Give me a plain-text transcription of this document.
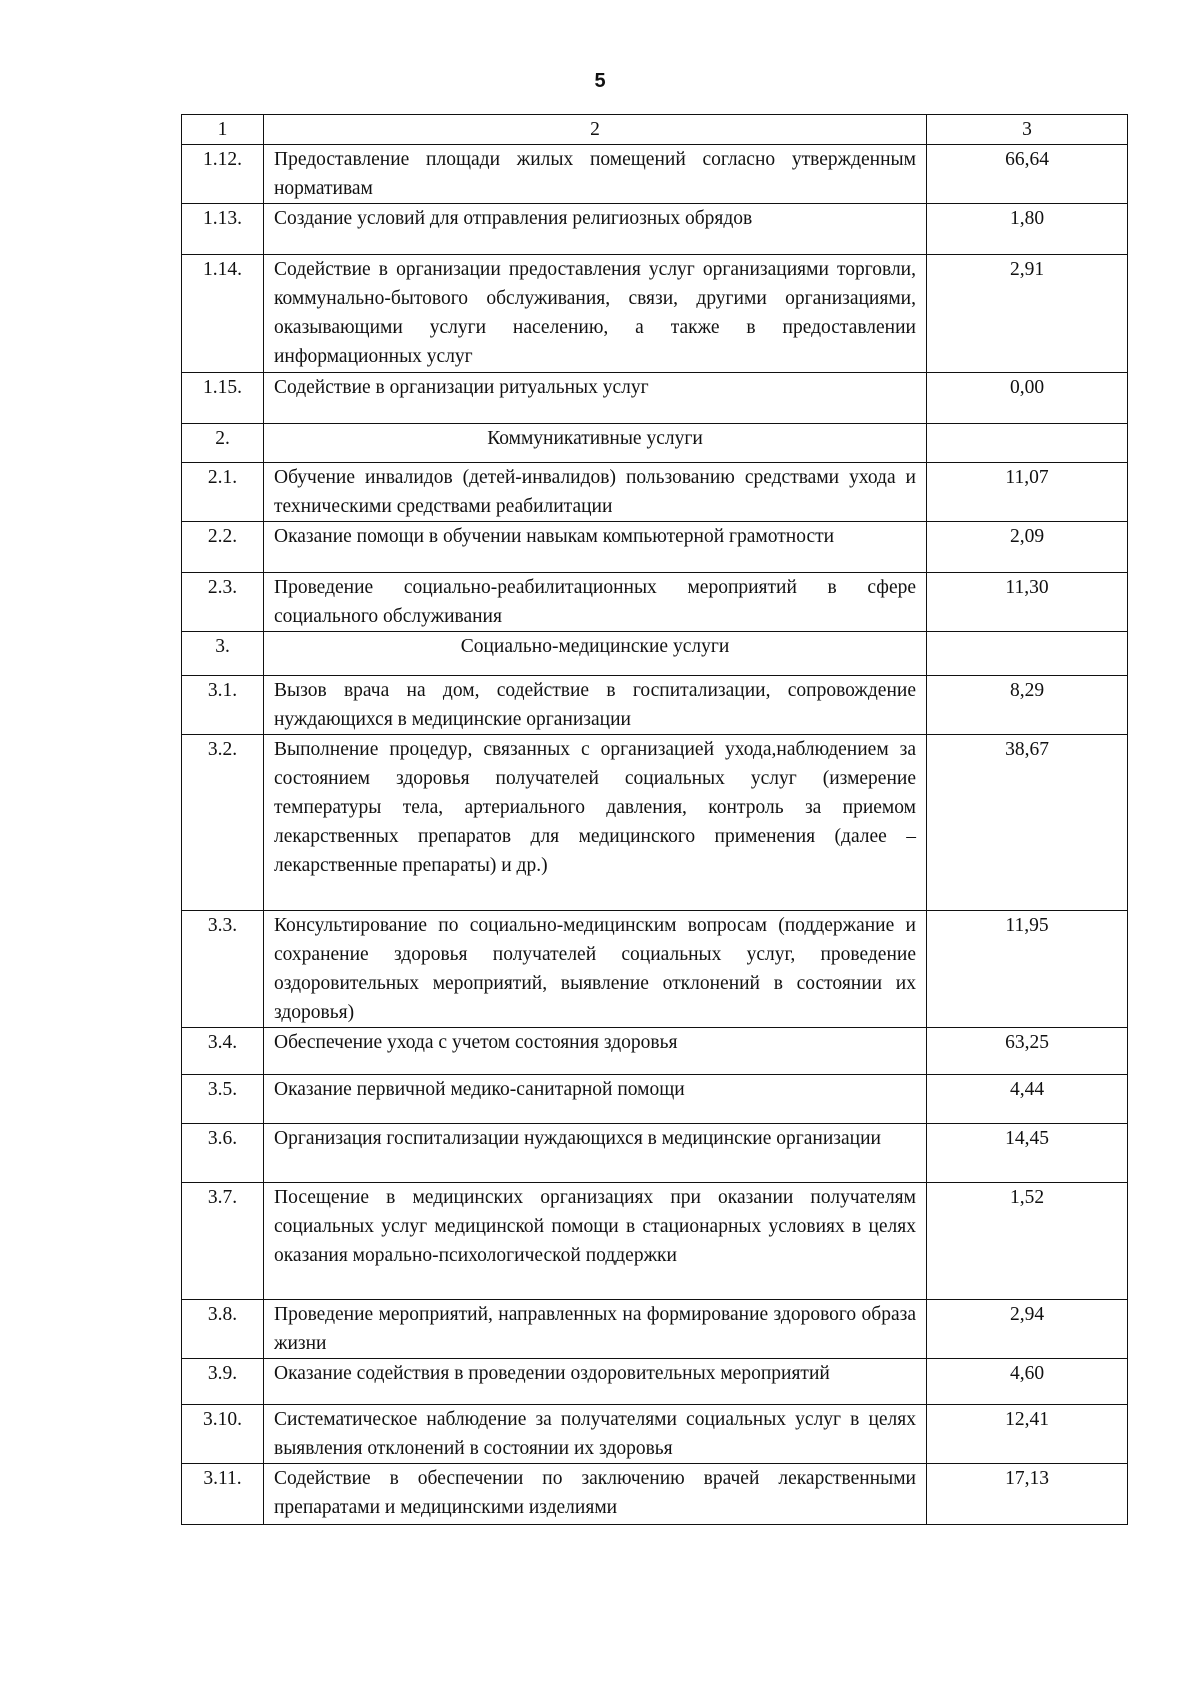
5
1	2	3
1.12.	Предоставление площади жилых помещений согласно утвержденным нормативам	66,64
1.13.	Создание условий для отправления религиозных обрядов	1,80
1.14.	Содействие в организации предоставления услуг организациями торговли, коммунально-бытового обслуживания, связи, другими организациями, оказывающими услуги населению, а также в предоставлении информационных услуг	2,91
1.15.	Содействие в организации ритуальных услуг	0,00
2.	Коммуникативные услуги	
2.1.	Обучение инвалидов (детей-инвалидов) пользованию средствами ухода и техническими средствами реабилитации	11,07
2.2.	Оказание помощи в обучении навыкам компьютерной грамотности	2,09
2.3.	Проведение социально-реабилитационных мероприятий в сфере социального обслуживания	11,30
3.	Социально-медицинские услуги	
3.1.	Вызов врача на дом, содействие в госпитализации, сопровождение нуждающихся в медицинские организации	8,29
3.2.	Выполнение процедур, связанных с организацией ухода,наблюдением за состоянием здоровья получателей социальных услуг (измерение температуры тела, артериального давления, контроль за приемом лекарственных препаратов для медицинского применения (далее – лекарственные препараты) и др.)	38,67
3.3.	Консультирование по социально-медицинским вопросам (поддержание и сохранение здоровья получателей социальных услуг, проведение оздоровительных мероприятий, выявление отклонений в состоянии их здоровья)	11,95
3.4.	Обеспечение ухода с учетом состояния здоровья	63,25
3.5.	Оказание первичной медико-санитарной помощи	4,44
3.6.	Организация госпитализации нуждающихся в медицинские организации	14,45
3.7.	Посещение в медицинских организациях при оказании получателям социальных услуг медицинской помощи в стационарных условиях в целях оказания морально-психологической поддержки	1,52
3.8.	Проведение мероприятий, направленных на формирование здорового образа жизни	2,94
3.9.	Оказание содействия в проведении оздоровительных мероприятий	4,60
3.10.	Систематическое наблюдение за получателями социальных услуг в целях выявления отклонений в состоянии их здоровья	12,41
3.11.	Содействие в обеспечении по заключению врачей лекарственными препаратами и медицинскими изделиями	17,13
